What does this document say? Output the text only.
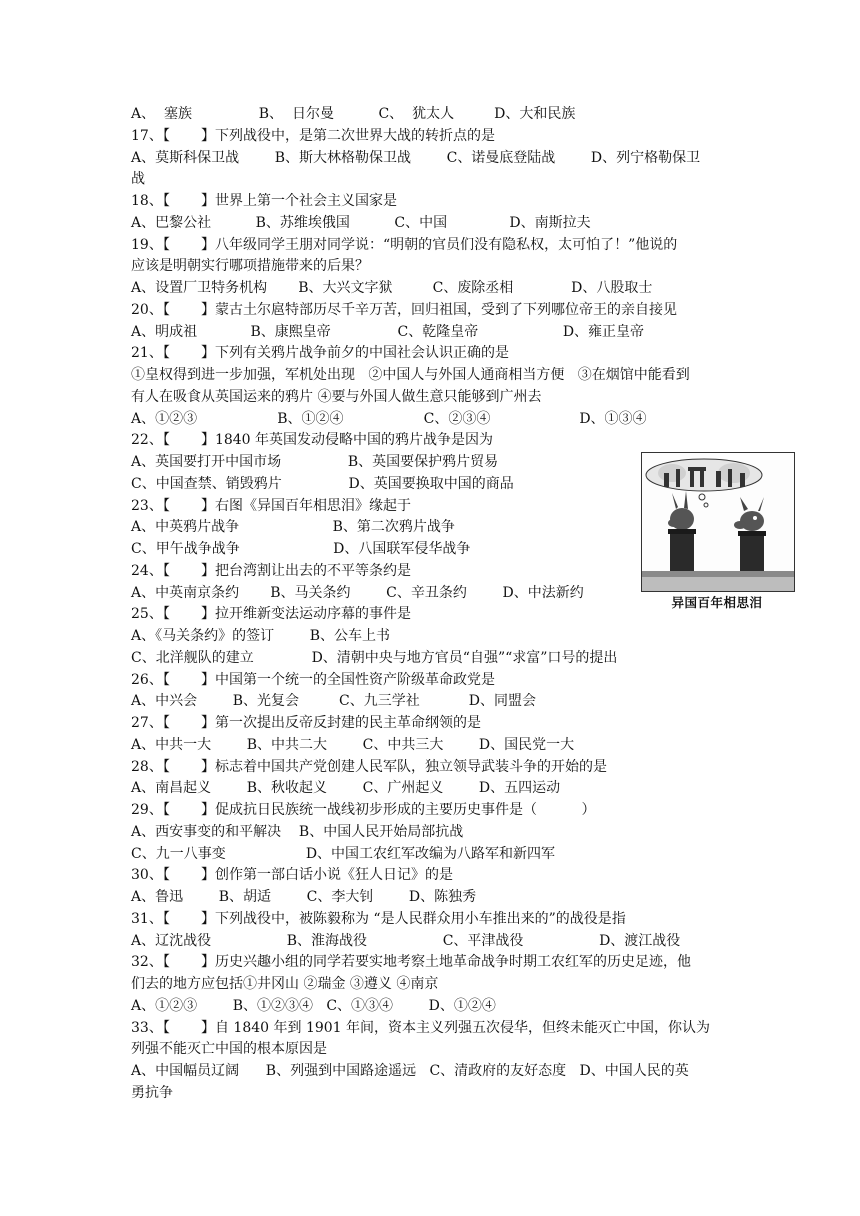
A、  塞族               B、  日尔曼          C、  犹太人         D、大和民族
17、【       】下列战役中，是第二次世界大战的转折点的是
A、莫斯科保卫战        B、斯大林格勒保卫战        C、诺曼底登陆战        D、列宁格勒保卫
战
18、【       】世界上第一个社会主义国家是
A、巴黎公社          B、苏维埃俄国          C、中国              D、南斯拉夫
19、【       】八年级同学王朋对同学说：“明朝的官员们没有隐私权，太可怕了！”他说的
应该是明朝实行哪项措施带来的后果？
A、设置厂卫特务机构       B、大兴文字狱         C、废除丞相             D、八股取士
20、【       】蒙古土尔扈特部历尽千辛万苦，回归祖国，受到了下列哪位帝王的亲自接见
A、明成祖            B、康熙皇帝               C、乾隆皇帝                   D、雍正皇帝
21、【       】下列有关鸦片战争前夕的中国社会认识正确的是
①皇权得到进一步加强，军机处出现   ②中国人与外国人通商相当方便   ③在烟馆中能看到
有人在吸食从英国运来的鸦片 ④要与外国人做生意只能够到广州去
A、①②③                  B、①②④                  C、②③④                    D、①③④
22、【       】1840 年英国发动侵略中国的鸦片战争是因为
A、英国要打开中国市场               B、英国要保护鸦片贸易
C、中国查禁、销毁鸦片               D、英国要换取中国的商品
23、【       】右图《异国百年相思泪》缘起于
A、中英鸦片战争                     B、第二次鸦片战争
C、甲午战争战争                     D、八国联军侵华战争
24、【       】把台湾割让出去的不平等条约是
A、中英南京条约       B、马关条约        C、辛丑条约        D、中法新约
25、【       】拉开维新变法运动序幕的事件是
A、《马关条约》的签订        B、公车上书
C、北洋舰队的建立             D、清朝中央与地方官员“自强”“求富”口号的提出
26、【       】中国第一个统一的全国性资产阶级革命政党是
A、中兴会        B、光复会         C、九三学社           D、同盟会
27、【       】第一次提出反帝反封建的民主革命纲领的是
A、中共一大        B、中共二大        C、中共三大        D、国民党一大
28、【       】标志着中国共产党创建人民军队，独立领导武装斗争的开始的是
A、南昌起义        B、秋收起义        C、广州起义        D、五四运动
29、【       】促成抗日民族统一战线初步形成的主要历史事件是（          ）
A、西安事变的和平解决    B、中国人民开始局部抗战
C、九一八事变                  D、中国工农红军改编为八路军和新四军
30、【       】创作第一部白话小说《狂人日记》的是
A、鲁迅        B、胡适        C、李大钊        D、陈独秀
31、【       】下列战役中，被陈毅称为 “是人民群众用小车推出来的”的战役是指
A、辽沈战役                 B、淮海战役                 C、平津战役                 D、渡江战役
32、【       】历史兴趣小组的同学若要实地考察土地革命战争时期工农红军的历史足迹，他
们去的地方应包括①井冈山 ②瑞金 ③遵义 ④南京
A、①②③        B、①②③④   C、①③④        D、①②④
33、【       】自 1840 年到 1901 年间，资本主义列强五次侵华，但终未能灭亡中国，你认为
列强不能灭亡中国的根本原因是
A、中国幅员辽阔      B、列强到中国路途遥远   C、清政府的友好态度   D、中国人民的英
勇抗争
异国百年相思泪
